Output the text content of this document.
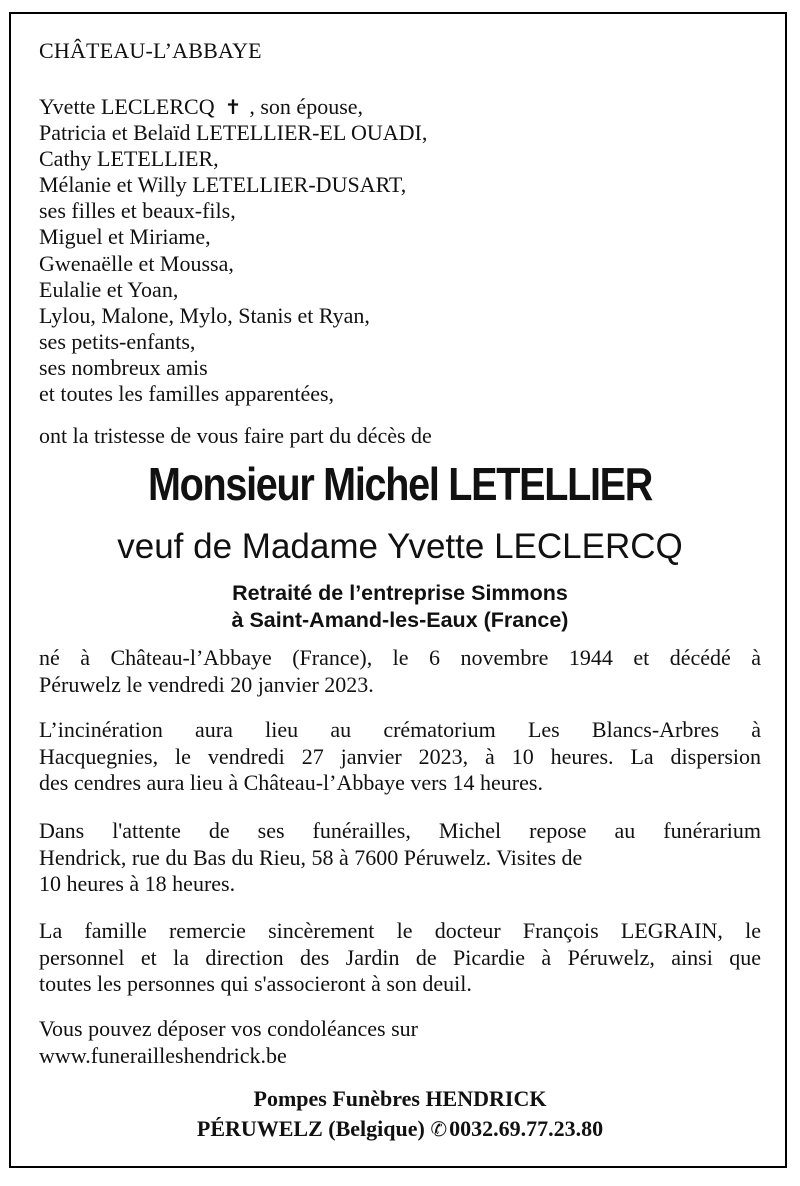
CHÂTEAU-L’ABBAYE
Yvette LECLERCQ ✝ , son épouse,
Patricia et Belaïd LETELLIER-EL OUADI,
Cathy LETELLIER,
Mélanie et Willy LETELLIER-DUSART,
ses filles et beaux-fils,
Miguel et Miriame,
Gwenaëlle et Moussa,
Eulalie et Yoan,
Lylou, Malone, Mylo, Stanis et Ryan,
ses petits-enfants,
ses nombreux amis
et toutes les familles apparentées,
ont la tristesse de vous faire part du décès de
Monsieur Michel LETELLIER
veuf de Madame Yvette LECLERCQ
Retraité de l’entreprise Simmons
à Saint-Amand-les-Eaux (France)
né à Château-l’Abbaye (France), le 6 novembre 1944 et décédé à
Péruwelz le vendredi 20 janvier 2023.
L’incinération aura lieu au crématorium Les Blancs-Arbres à
Hacquegnies, le vendredi 27 janvier 2023, à 10 heures. La dispersion
des cendres aura lieu à Château-l’Abbaye vers 14 heures.
Dans l'attente de ses funérailles, Michel repose au funérarium
Hendrick, rue du Bas du Rieu, 58 à 7600 Péruwelz. Visites de
10 heures à 18 heures.
La famille remercie sincèrement le docteur François LEGRAIN, le
personnel et la direction des Jardin de Picardie à Péruwelz, ainsi que
toutes les personnes qui s'associeront à son deuil.
Vous pouvez déposer vos condoléances sur
www.funerailleshendrick.be
Pompes Funèbres HENDRICK
PÉRUWELZ (Belgique) ✆0032.69.77.23.80
